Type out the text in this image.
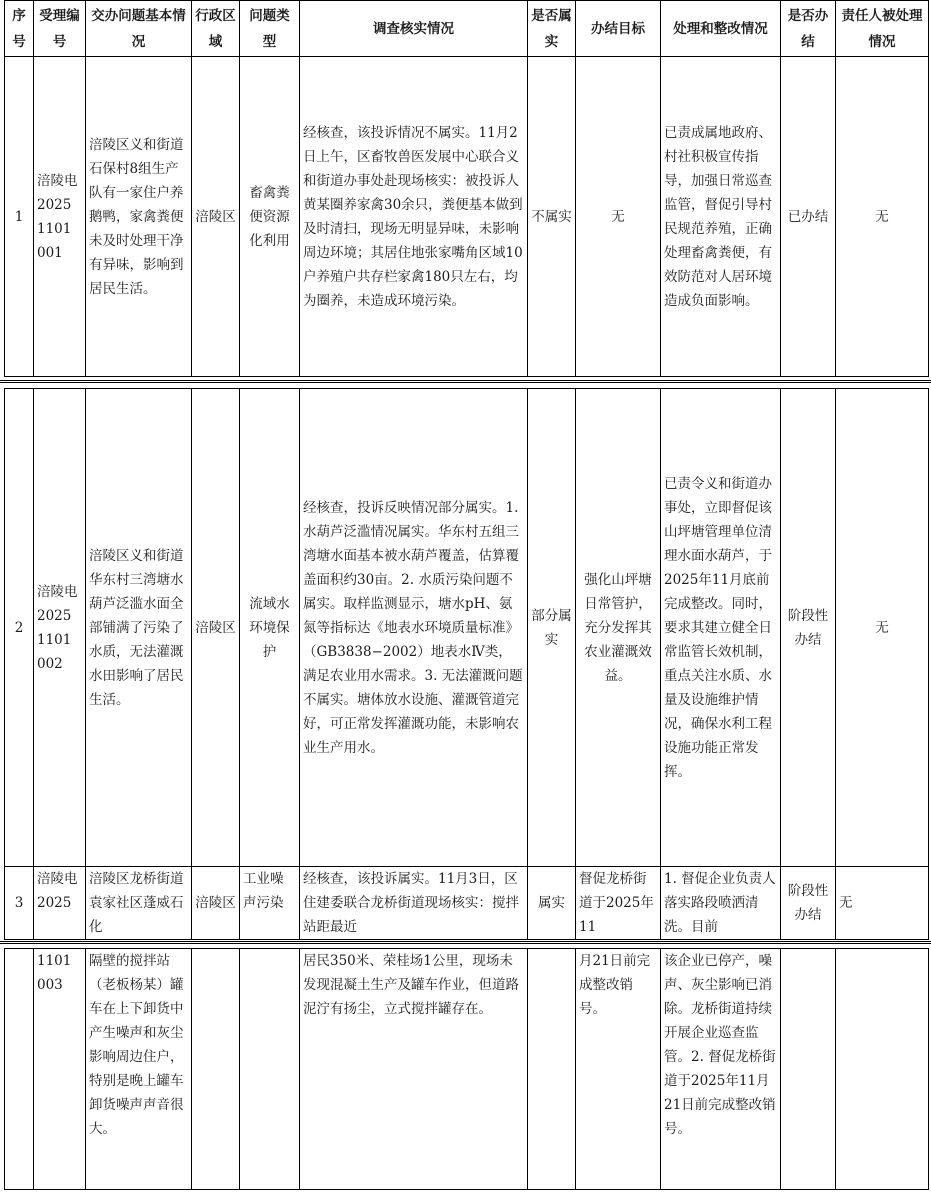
序号	受理编号	交办问题基本情况	行政区域	问题类型	调查核实情况	是否属实	办结目标	处理和整改情况	是否办结	责任人被处理情况
1	涪陵电2025 1101 001	涪陵区义和街道石保村8组生产队有一家住户养鹅鸭，家禽粪便未及时处理干净有异味，影响到居民生活。	涪陵区	畜禽粪便资源化利用	经核查，该投诉情况不属实。11月2日上午，区畜牧兽医发展中心联合义和街道办事处赴现场核实：被投诉人黄某圈养家禽30余只，粪便基本做到及时清扫，现场无明显异味，未影响周边环境；其居住地张家嘴角区域10户养殖户共存栏家禽180只左右，均为圈养，未造成环境污染。	不属实	无	已责成属地政府、村社积极宣传指导，加强日常巡查监管，督促引导村民规范养殖，正确处理畜禽粪便，有效防范对人居环境造成负面影响。	已办结	无
2	涪陵电2025 1101 002	涪陵区义和街道华东村三湾塘水葫芦泛滥水面全部铺满了污染了水质，无法灌溉水田影响了居民生活。	涪陵区	流域水环境保护	经核查，投诉反映情况部分属实。1. 水葫芦泛滥情况属实。华东村五组三湾塘水面基本被水葫芦覆盖，估算覆盖面积约30亩。2. 水质污染问题不属实。取样监测显示，塘水pH、氨氮等指标达《地表水环境质量标准》（GB3838−2002）地表水Ⅳ类，满足农业用水需求。3. 无法灌溉问题不属实。塘体放水设施、灌溉管道完好，可正常发挥灌溉功能，未影响农业生产用水。	部分属实	强化山坪塘日常管护，充分发挥其农业灌溉效益。	已责令义和街道办事处，立即督促该山坪塘管理单位清理水面水葫芦，于2025年11月底前完成整改。同时，要求其建立健全日常监管长效机制，重点关注水质、水量及设施维护情况，确保水利工程设施功能正常发挥。	阶段性办结	无
3	涪陵电2025	涪陵区龙桥街道袁家社区蓬威石化	涪陵区	工业噪声污染	经核查，该投诉属实。11月3日，区住建委联合龙桥街道现场核实：搅拌站距最近	属实	督促龙桥街道于2025年11	1. 督促企业负责人落实路段喷洒清洗。目前	阶段性办结	无
	1101 003	隔壁的搅拌站（老板杨某）罐车在上下卸货中产生噪声和灰尘影响周边住户，特别是晚上罐车卸货噪声声音很大。			居民350米、荣桂场1公里，现场未发现混凝土生产及罐车作业，但道路泥泞有扬尘，立式搅拌罐存在。		月21日前完成整改销号。	该企业已停产，噪声、灰尘影响已消除。龙桥街道持续开展企业巡查监管。2. 督促龙桥街道于2025年11月21日前完成整改销号。		
